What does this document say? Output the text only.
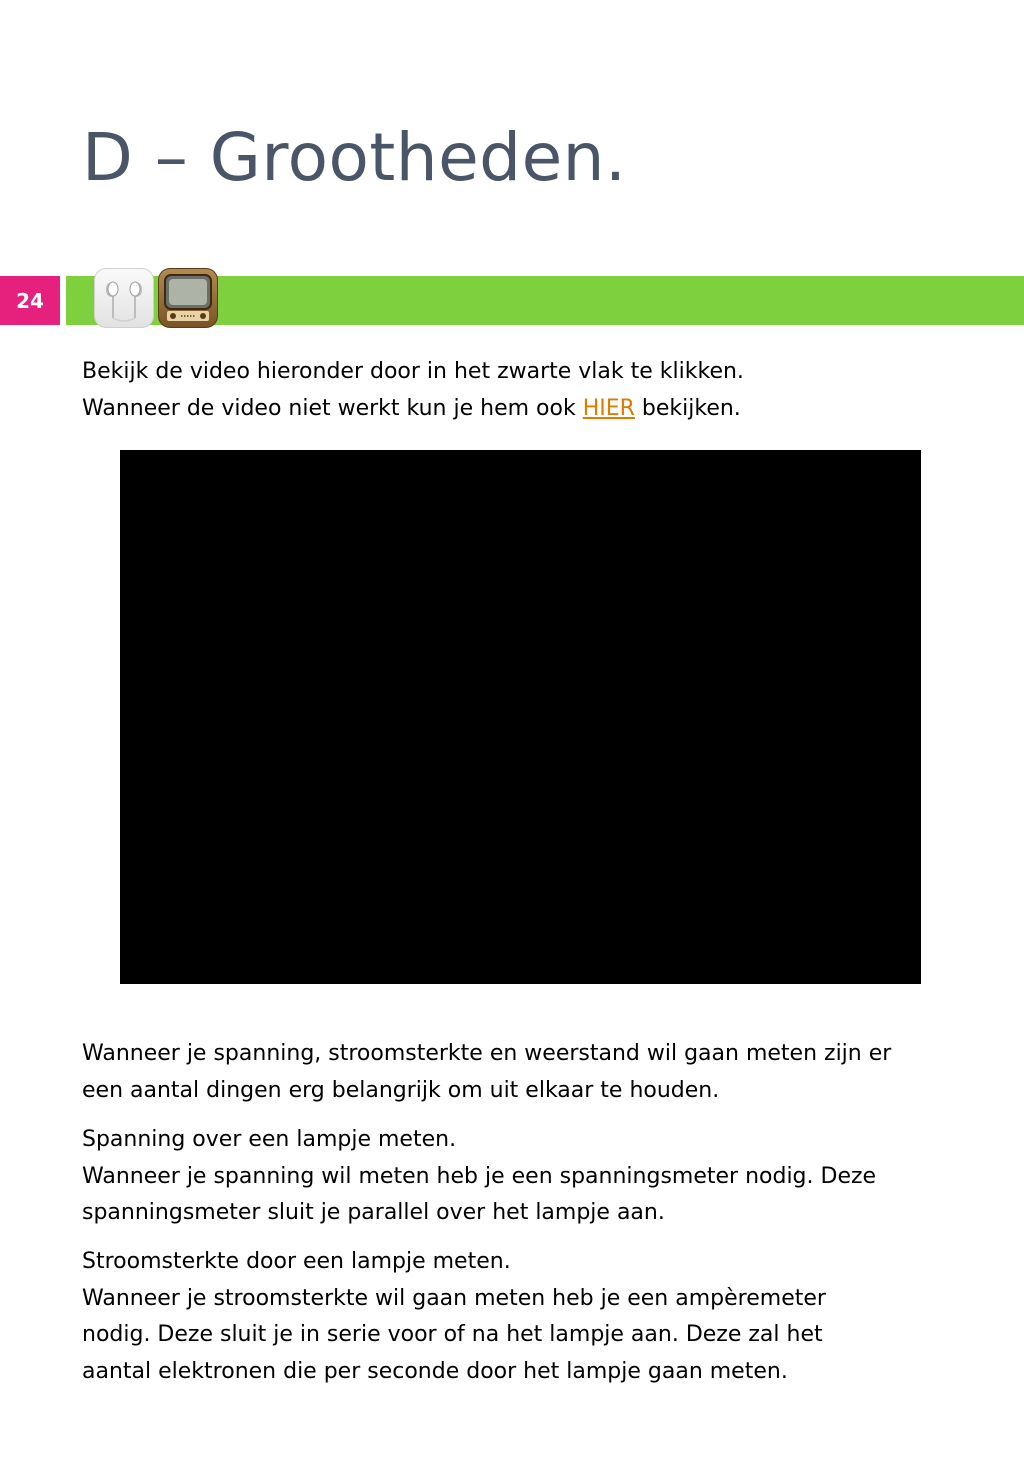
D – Grootheden.
24

Bekijk de video hieronder door in het zwarte vlak te klikken.
Wanneer de video niet werkt kun je hem ook HIER bekijken.

Wanneer je spanning, stroomsterkte en weerstand wil gaan meten zijn er
een aantal dingen erg belangrijk om uit elkaar te houden.

Spanning over een lampje meten.
Wanneer je spanning wil meten heb je een spanningsmeter nodig. Deze
spanningsmeter sluit je parallel over het lampje aan.

Stroomsterkte door een lampje meten.
Wanneer je stroomsterkte wil gaan meten heb je een ampèremeter
nodig. Deze sluit je in serie voor of na het lampje aan. Deze zal het
aantal elektronen die per seconde door het lampje gaan meten.
